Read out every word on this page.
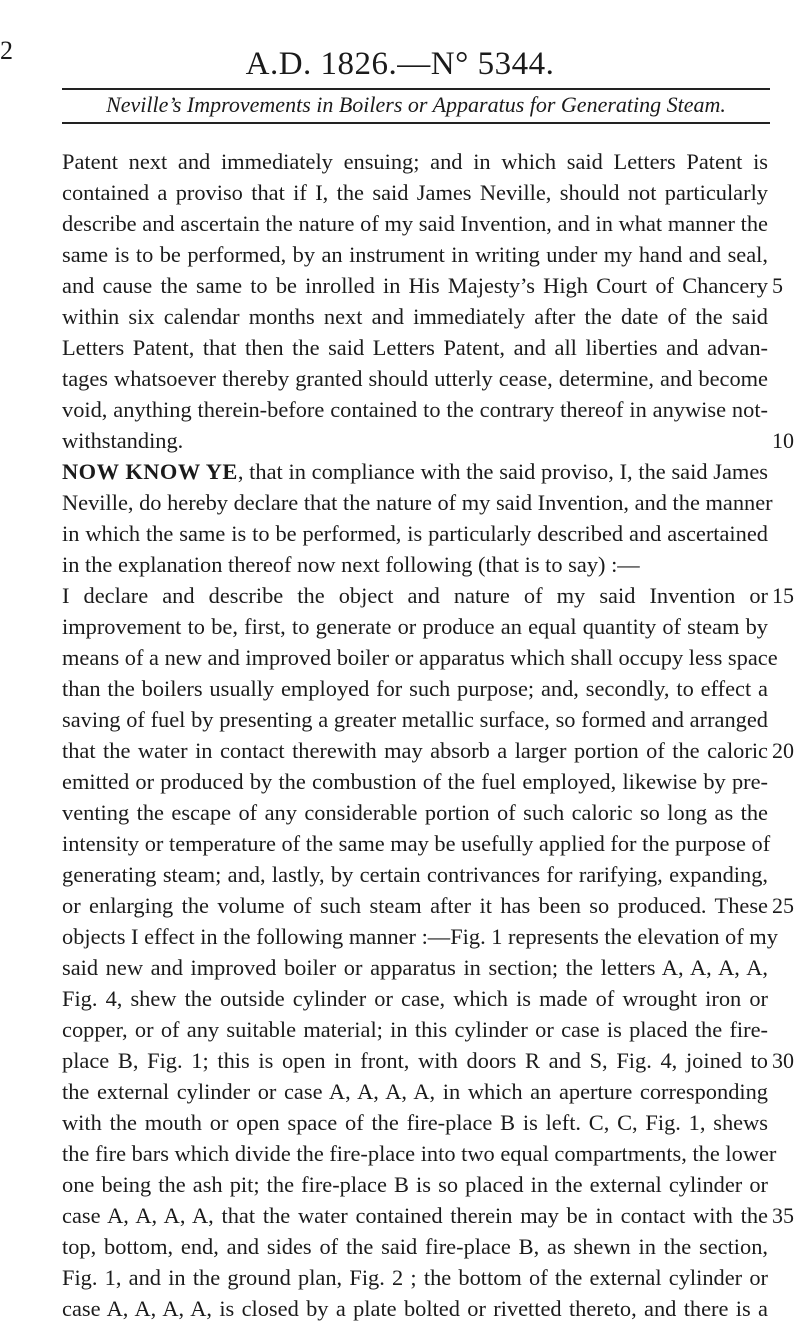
2	A.D. 1826.—N° 5344.
Neville’s Improvements in Boilers or Apparatus for Generating Steam.
Patent next and immediately ensuing; and in which said Letters Patent is
contained a proviso that if I, the said James Neville, should not particularly
describe and ascertain the nature of my said Invention, and in what manner the
same is to be performed, by an instrument in writing under my hand and seal,
and cause the same to be inrolled in His Majesty’s High Court of Chancery
within six calendar months next and immediately after the date of the said
Letters Patent, that then the said Letters Patent, and all liberties and advan-
tages whatsoever thereby granted should utterly cease, determine, and become
void, anything therein-before contained to the contrary thereof in anywise not-
withstanding.
NOW KNOW YE, that in compliance with the said proviso, I, the said James
Neville, do hereby declare that the nature of my said Invention, and the manner
in which the same is to be performed, is particularly described and ascertained
in the explanation thereof now next following (that is to say) :—
I declare and describe the object and nature of my said Invention or
improvement to be, first, to generate or produce an equal quantity of steam by
means of a new and improved boiler or apparatus which shall occupy less space
than the boilers usually employed for such purpose; and, secondly, to effect a
saving of fuel by presenting a greater metallic surface, so formed and arranged
that the water in contact therewith may absorb a larger portion of the caloric
emitted or produced by the combustion of the fuel employed, likewise by pre-
venting the escape of any considerable portion of such caloric so long as the
intensity or temperature of the same may be usefully applied for the purpose of
generating steam; and, lastly, by certain contrivances for rarifying, expanding,
or enlarging the volume of such steam after it has been so produced. These
objects I effect in the following manner :—Fig. 1 represents the elevation of my
said new and improved boiler or apparatus in section; the letters A, A, A, A,
Fig. 4, shew the outside cylinder or case, which is made of wrought iron or
copper, or of any suitable material; in this cylinder or case is placed the fire-
place B, Fig. 1; this is open in front, with doors R and S, Fig. 4, joined to
the external cylinder or case A, A, A, A, in which an aperture corresponding
with the mouth or open space of the fire-place B is left. C, C, Fig. 1, shews
the fire bars which divide the fire-place into two equal compartments, the lower
one being the ash pit; the fire-place B is so placed in the external cylinder or
case A, A, A, A, that the water contained therein may be in contact with the
top, bottom, end, and sides of the said fire-place B, as shewn in the section,
Fig. 1, and in the ground plan, Fig. 2 ; the bottom of the external cylinder or
case A, A, A, A, is closed by a plate bolted or rivetted thereto, and there is a
5
10
15
20
25
30
35
